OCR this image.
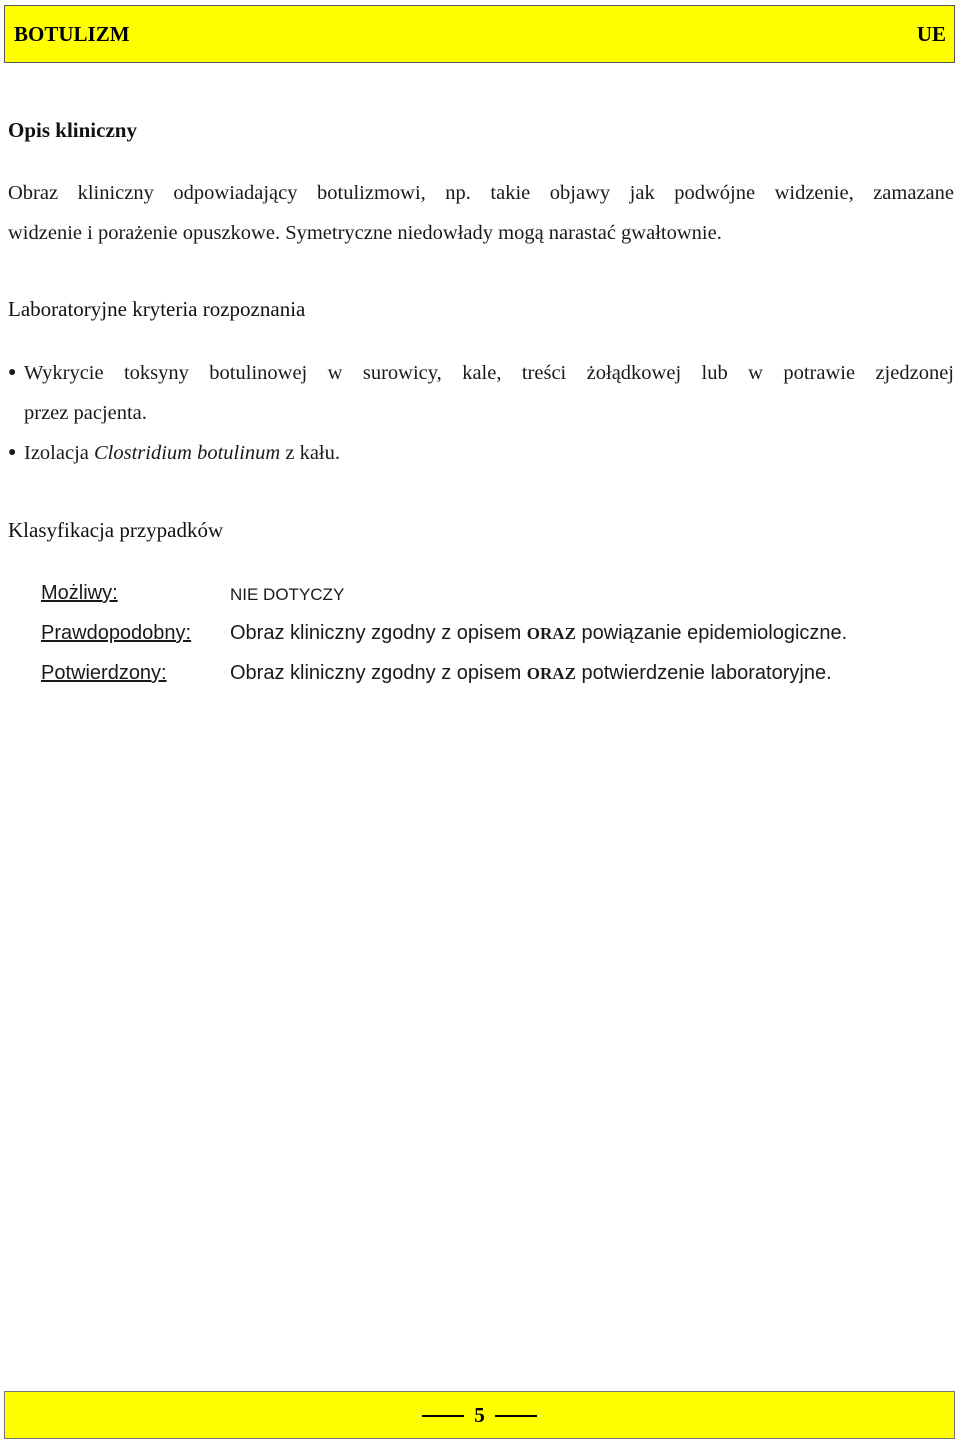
BOTULIZM	UE
Opis kliniczny
Obraz kliniczny odpowiadający botulizmowi, np. takie objawy jak podwójne widzenie, zamazane
widzenie i porażenie opuszkowe. Symetryczne niedowłady mogą narastać gwałtownie.
Laboratoryjne kryteria rozpoznania
● Wykrycie toksyny botulinowej w surowicy, kale, treści żołądkowej lub w potrawie zjedzonej
przez pacjenta.
● Izolacja Clostridium botulinum z kału.
Klasyfikacja przypadków
Możliwy:	NIE DOTYCZY
Prawdopodobny: Obraz kliniczny zgodny z opisem ORAZ powiązanie epidemiologiczne.
Potwierdzony:	Obraz kliniczny zgodny z opisem ORAZ potwierdzenie laboratoryjne.
5
